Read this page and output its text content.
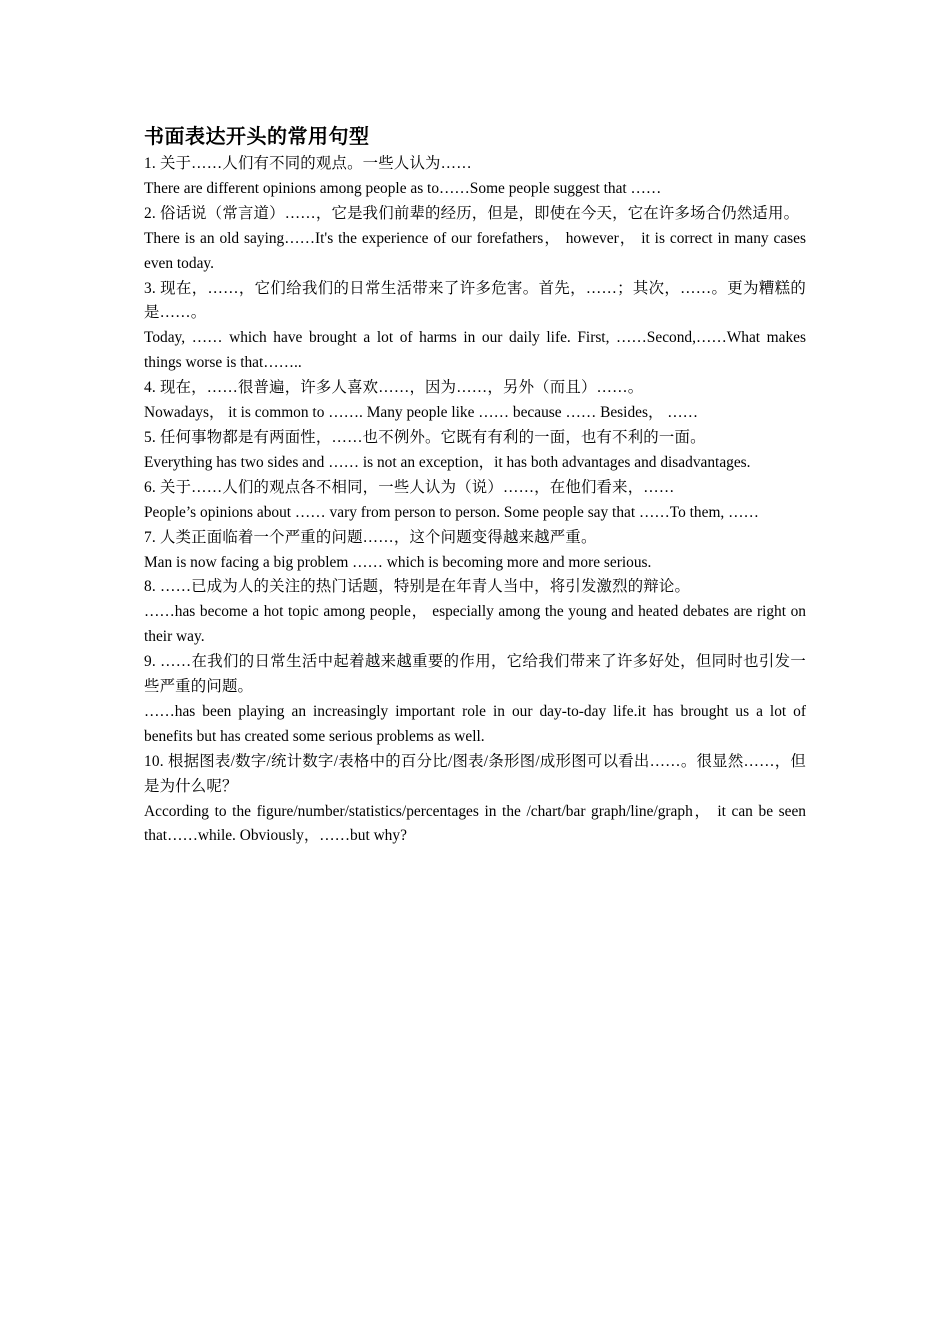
书面表达开头的常用句型

1. 关于……人们有不同的观点。一些人认为……

There are different opinions among people as to……Some people suggest that ……

2. 俗话说（常言道）……，它是我们前辈的经历，但是，即使在今天，它在许多场合仍然适用。

There is an old saying……It's the experience of our forefathers， however， it is correct in many cases even today.

3. 现在，……，它们给我们的日常生活带来了许多危害。首先，……；其次，……。更为糟糕的是……。

Today, …… which have brought a lot of harms in our daily life. First, ……Second,……What makes things worse is that……..

4. 现在，……很普遍，许多人喜欢……，因为……，另外（而且）……。

Nowadays， it is common to ……. Many people like …… because …… Besides， ……

5. 任何事物都是有两面性，……也不例外。它既有有利的一面，也有不利的一面。

Everything has two sides and …… is not an exception，it has both advantages and disadvantages.

6. 关于……人们的观点各不相同，一些人认为（说）……，在他们看来，……

People’s opinions about …… vary from person to person. Some people say that ……To them, ……

7. 人类正面临着一个严重的问题……，这个问题变得越来越严重。

Man is now facing a big problem …… which is becoming more and more serious.

8. ……已成为人的关注的热门话题，特别是在年青人当中，将引发激烈的辩论。

……has become a hot topic among people， especially among the young and heated debates are right on their way.

9. ……在我们的日常生活中起着越来越重要的作用，它给我们带来了许多好处，但同时也引发一些严重的问题。

……has been playing an increasingly important role in our day-to-day life.it has brought us a lot of benefits but has created some serious problems as well.

10. 根据图表/数字/统计数字/表格中的百分比/图表/条形图/成形图可以看出……。很显然……，但是为什么呢？

According to the figure/number/statistics/percentages in the /chart/bar graph/line/graph， it can be seen that……while. Obviously，……but why?
